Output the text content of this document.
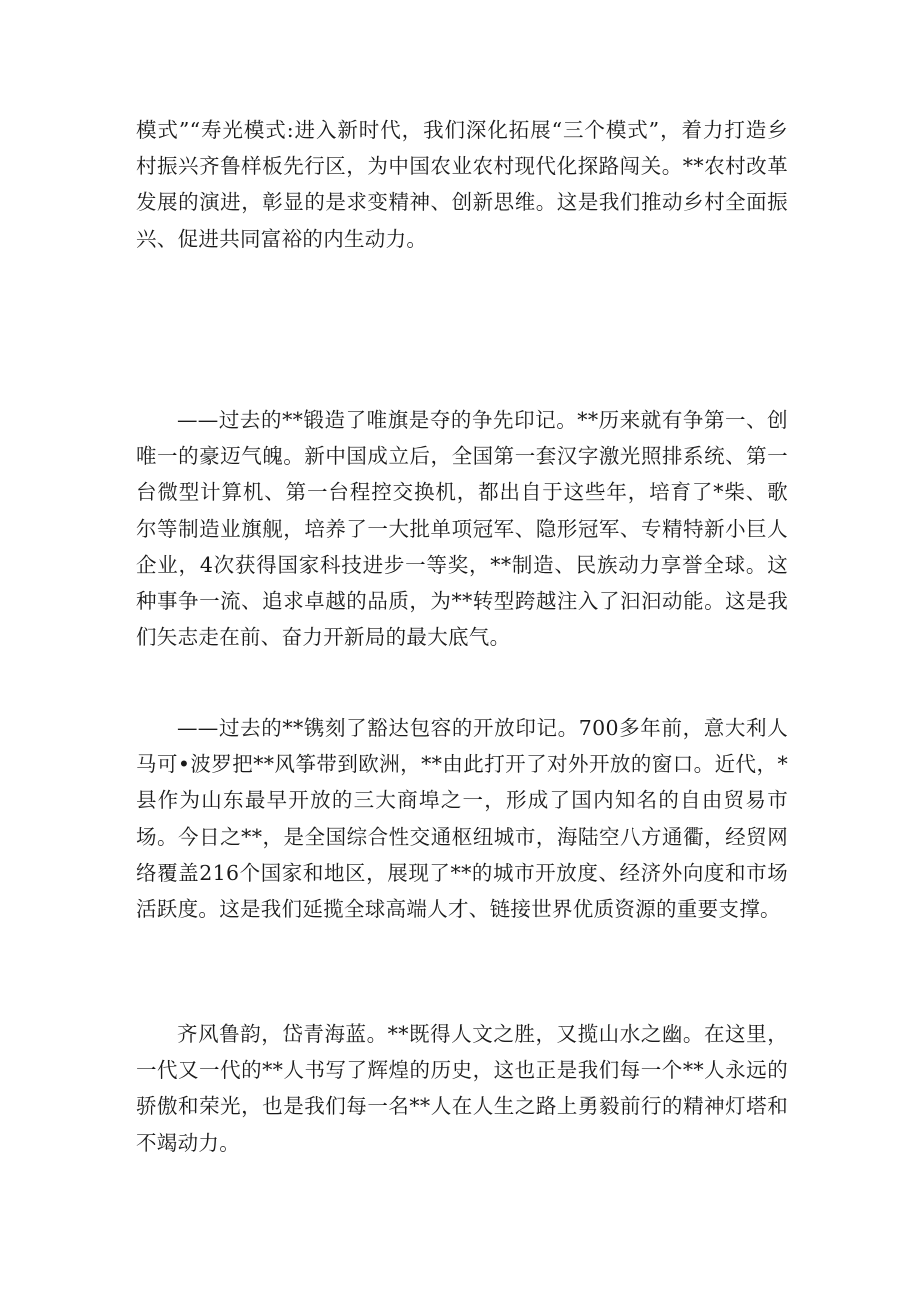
模式”“寿光模式:进入新时代，我们深化拓展“三个模式”，着力打造乡村振兴齐鲁样板先行区，为中国农业农村现代化探路闯关。**农村改革发展的演进，彰显的是求变精神、创新思维。这是我们推动乡村全面振兴、促进共同富裕的内生动力。

——过去的**锻造了唯旗是夺的争先印记。**历来就有争第一、创唯一的豪迈气魄。新中国成立后，全国第一套汉字激光照排系统、第一台微型计算机、第一台程控交换机，都出自于这些年，培育了*柴、歌尔等制造业旗舰，培养了一大批单项冠军、隐形冠军、专精特新小巨人企业，4次获得国家科技进步一等奖，**制造、民族动力享誉全球。这种事争一流、追求卓越的品质，为**转型跨越注入了汩汩动能。这是我们矢志走在前、奋力开新局的最大底气。

——过去的**镌刻了豁达包容的开放印记。700多年前，意大利人马可•波罗把**风筝带到欧洲，**由此打开了对外开放的窗口。近代，*县作为山东最早开放的三大商埠之一，形成了国内知名的自由贸易市场。今日之**，是全国综合性交通枢纽城市，海陆空八方通衢，经贸网络覆盖216个国家和地区，展现了**的城市开放度、经济外向度和市场活跃度。这是我们延揽全球高端人才、链接世界优质资源的重要支撑。

齐风鲁韵，岱青海蓝。**既得人文之胜，又揽山水之幽。在这里，一代又一代的**人书写了辉煌的历史，这也正是我们每一个**人永远的骄傲和荣光，也是我们每一名**人在人生之路上勇毅前行的精神灯塔和不竭动力。
